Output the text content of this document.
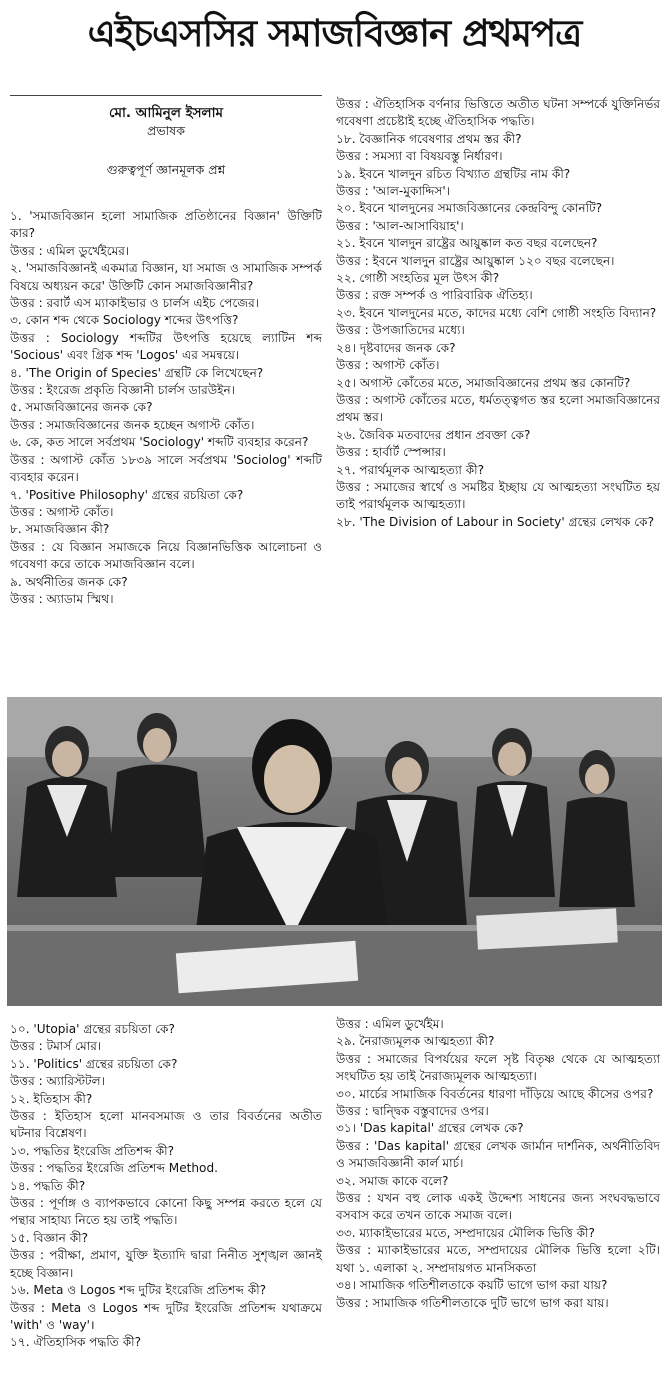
এইচএসসির সমাজবিজ্ঞান প্রথমপত্র
মো. আমিনুল ইসলাম
প্রভাষক
গুরুত্বপূর্ণ জ্ঞানমূলক প্রশ্ন

১. 'সমাজবিজ্ঞান হলো সামাজিক প্রতিষ্ঠানের বিজ্ঞান' উক্তিটি কার?

উত্তর : এমিল ডুর্খেইমের।

২. 'সমাজবিজ্ঞানই একমাত্র বিজ্ঞান, যা সমাজ ও সামাজিক সম্পর্ক বিষয়ে অধ্যয়ন করে' উক্তিটি কোন সমাজবিজ্ঞানীর?

উত্তর : রবার্ট এস ম্যাকাইভার ও চার্লস এইচ পেজের।

৩. কোন শব্দ থেকে Sociology শব্দের উৎপত্তি?

উত্তর : Sociology শব্দটির উৎপত্তি হয়েছে ল্যাটিন শব্দ 'Socious' এবং গ্রিক শব্দ 'Logos' এর সমন্বয়ে।

৪. 'The Origin of Species' গ্রন্থটি কে লিখেছেন?

উত্তর : ইংরেজ প্রকৃতি বিজ্ঞানী চার্লস ডারউইন।

৫. সমাজবিজ্ঞানের জনক কে?

উত্তর : সমাজবিজ্ঞানের জনক হচ্ছেন অগাস্ট কোঁত।

৬. কে, কত সালে সর্বপ্রথম 'Sociology' শব্দটি ব্যবহার করেন?

উত্তর : অগাস্ট কোঁত ১৮৩৯ সালে সর্বপ্রথম 'Sociolog' শব্দটি ব্যবহার করেন।

৭. 'Positive Philosophy' গ্রন্থের রচয়িতা কে?

উত্তর : অগাস্ট কোঁত।

৮. সমাজবিজ্ঞান কী?

উত্তর : যে বিজ্ঞান সমাজকে নিয়ে বিজ্ঞানভিত্তিক আলোচনা ও গবেষণা করে তাকে সমাজবিজ্ঞান বলে।

৯. অর্থনীতির জনক কে?

উত্তর : অ্যাডাম স্মিথ।

উত্তর : ঐতিহাসিক বর্ণনার ভিত্তিতে অতীত ঘটনা সম্পর্কে যুক্তিনির্ভর গবেষণা প্রচেষ্টাই হচ্ছে ঐতিহাসিক পদ্ধতি।

১৮. বৈজ্ঞানিক গবেষণার প্রথম স্তর কী?

উত্তর : সমস্যা বা বিষয়বস্তু নির্ধারণ।

১৯. ইবনে খালদুন রচিত বিখ্যাত গ্রন্থটির নাম কী?

উত্তর : 'আল-মুকাদ্দিস'।

২০. ইবনে খালদুনের সমাজবিজ্ঞানের কেন্দ্রবিন্দু কোনটি?

উত্তর : 'আল-আসাবিয়াহ'।

২১. ইবনে খালদুন রাষ্ট্রের আয়ুষ্কাল কত বছর বলেছেন?

উত্তর : ইবনে খালদুন রাষ্ট্রের আয়ুষ্কাল ১২০ বছর বলেছেন।

২২. গোষ্ঠী সংহতির মূল উৎস কী?

উত্তর : রক্ত সম্পর্ক ও পারিবারিক ঐতিহ্য।

২৩. ইবনে খালদুনের মতে, কাদের মধ্যে বেশি গোষ্ঠী সংহতি বিদ্যান?

উত্তর : উপজাতিদের মধ্যে।

২৪। দৃষ্টবাদের জনক কে?

উত্তর : অগাস্ট কোঁত।

২৫। অগাস্ট কোঁতের মতে, সমাজবিজ্ঞানের প্রথম স্তর কোনটি?

উত্তর : অগাস্ট কোঁতের মতে, ধর্মতত্ত্বগত স্তর হলো সমাজবিজ্ঞানের প্রথম স্তর।

২৬. জৈবিক মতবাদের প্রধান প্রবক্তা কে?

উত্তর : হার্বার্ট স্পেন্সার।

২৭. পরার্থমূলক আত্মহত্যা কী?

উত্তর : সমাজের স্বার্থে ও সমষ্টির ইচ্ছায় যে আত্মহত্যা সংঘটিত হয় তাই পরার্থমূলক আত্মহত্যা।

২৮. 'The Division of Labour in Society' গ্রন্থের লেখক কে?

১০. 'Utopia' গ্রন্থের রচয়িতা কে?

উত্তর : টমার্স মোর।

১১. 'Politics' গ্রন্থের রচয়িতা কে?

উত্তর : অ্যারিস্টটল।

১২. ইতিহাস কী?

উত্তর : ইতিহাস হলো মানবসমাজ ও তার বিবর্তনের অতীত ঘটনার বিশ্লেষণ।

১৩. পদ্ধতির ইংরেজি প্রতিশব্দ কী?

উত্তর : পদ্ধতির ইংরেজি প্রতিশব্দ Method.

১৪. পদ্ধতি কী?

উত্তর : পূর্ণাঙ্গ ও ব্যাপকভাবে কোনো কিছু সম্পন্ন করতে হলে যে পন্থার সাহায্য নিতে হয় তাই পদ্ধতি।

১৫. বিজ্ঞান কী?

উত্তর : পরীক্ষা, প্রমাণ, যুক্তি ইত্যাদি দ্বারা নিনীত সুশৃঙ্খল জ্ঞানই হচ্ছে বিজ্ঞান।

১৬. Meta ও Logos শব্দ দুটির ইংরেজি প্রতিশব্দ কী?

উত্তর : Meta ও Logos শব্দ দুটির ইংরেজি প্রতিশব্দ যথাক্রমে 'with' ও 'way'।

১৭. ঐতিহাসিক পদ্ধতি কী?

উত্তর : এমিল ডুর্খেইম।

২৯. নৈরাজ্যমূলক আত্মহত্যা কী?

উত্তর : সমাজের বিপর্যয়ের ফলে সৃষ্ট বিতৃষ্ণ থেকে যে আত্মহত্যা সংঘটিত হয় তাই নৈরাজ্যমূলক আত্মহত্যা।

৩০. মার্চের সামাজিক বিবর্তনের ধারণা দাঁড়িয়ে আছে কীসের ওপর?

উত্তর : দ্বান্দ্বিক বস্তুবাদের ওপর।

৩১। 'Das kapital' গ্রন্থের লেখক কে?

উত্তর : 'Das kapital' গ্রন্থের লেখক জার্মান দার্শনিক, অর্থনীতিবিদ ও সমাজবিজ্ঞানী কার্ল মার্চ।

৩২. সমাজ কাকে বলে?

উত্তর : যখন বহু লোক একই উদ্দেশ্য সাধনের জন্য সংঘবদ্ধভাবে বসবাস করে তখন তাকে সমাজ বলে।

৩৩. ম্যাকাইভারের মতে, সম্প্রদায়ের মৌলিক ভিত্তি কী?

উত্তর : ম্যাকাইভারের মতে, সম্প্রদায়ের মৌলিক ভিত্তি হলো ২টি। যথা ১. এলাকা ২. সম্প্রদায়গত মানসিকতা

৩৪। সামাজিক গতিশীলতাকে কয়টি ভাগে ভাগ করা যায়?

উত্তর : সামাজিক গতিশীলতাকে দুটি ভাগে ভাগ করা যায়।
